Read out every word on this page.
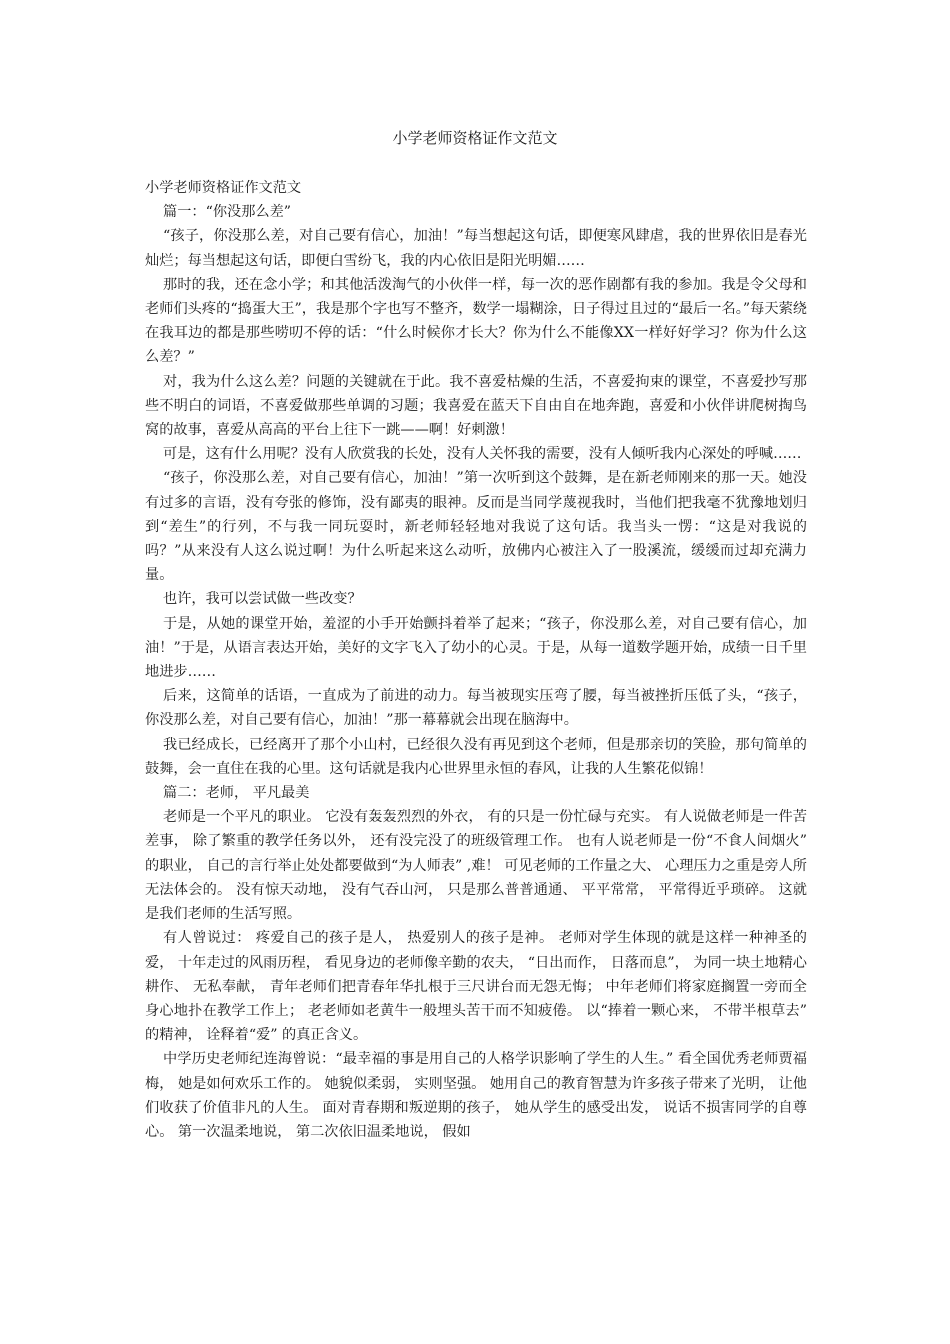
小学老师资格证作文范文

小学老师资格证作文范文

篇一：“你没那么差”

“孩子，你没那么差，对自己要有信心，加油！”每当想起这句话，即便寒风肆虐，我的世界依旧是春光灿烂；每当想起这句话，即便白雪纷飞，我的内心依旧是阳光明媚……

那时的我，还在念小学；和其他活泼淘气的小伙伴一样，每一次的恶作剧都有我的参加。我是令父母和老师们头疼的“捣蛋大王”，我是那个字也写不整齐，数学一塌糊涂，日子得过且过的“最后一名。”每天萦绕在我耳边的都是那些唠叨不停的话：“什么时候你才长大？你为什么不能像XX一样好好学习？你为什么这么差？”

对，我为什么这么差？问题的关键就在于此。我不喜爱枯燥的生活，不喜爱拘束的课堂，不喜爱抄写那些不明白的词语，不喜爱做那些单调的习题；我喜爱在蓝天下自由自在地奔跑，喜爱和小伙伴讲爬树掏鸟窝的故事，喜爱从高高的平台上往下一跳——啊！好刺激！

可是，这有什么用呢？没有人欣赏我的长处，没有人关怀我的需要，没有人倾听我内心深处的呼喊……

“孩子，你没那么差，对自己要有信心，加油！”第一次听到这个鼓舞，是在新老师刚来的那一天。她没有过多的言语，没有夸张的修饰，没有鄙夷的眼神。反而是当同学蔑视我时，当他们把我毫不犹豫地划归到“差生”的行列，不与我一同玩耍时，新老师轻轻地对我说了这句话。我当头一愣：“这是对我说的吗？”从来没有人这么说过啊！为什么听起来这么动听，放佛内心被注入了一股溪流，缓缓而过却充满力量。

也许，我可以尝试做一些改变？

于是，从她的课堂开始，羞涩的小手开始颤抖着举了起来；“孩子，你没那么差，对自己要有信心，加油！”于是，从语言表达开始，美好的文字飞入了幼小的心灵。于是，从每一道数学题开始，成绩一日千里地进步……

后来，这简单的话语，一直成为了前进的动力。每当被现实压弯了腰，每当被挫折压低了头，“孩子，你没那么差，对自己要有信心，加油！”那一幕幕就会出现在脑海中。

我已经成长，已经离开了那个小山村，已经很久没有再见到这个老师，但是那亲切的笑脸，那句简单的鼓舞，会一直住在我的心里。这句话就是我内心世界里永恒的春风，让我的人生繁花似锦！

篇二：老师， 平凡最美

老师是一个平凡的职业。 它没有轰轰烈烈的外衣， 有的只是一份忙碌与充实。 有人说做老师是一件苦差事， 除了繁重的教学任务以外， 还有没完没了的班级管理工作。 也有人说老师是一份“不食人间烟火” 的职业， 自己的言行举止处处都要做到“为人师表” ,难！ 可见老师的工作量之大、 心理压力之重是旁人所无法体会的。 没有惊天动地， 没有气吞山河， 只是那么普普通通、 平平常常， 平常得近乎琐碎。 这就是我们老师的生活写照。

有人曾说过： 疼爱自己的孩子是人， 热爱别人的孩子是神。 老师对学生体现的就是这样一种神圣的爱， 十年走过的风雨历程， 看见身边的老师像辛勤的农夫， “日出而作， 日落而息”， 为同一块土地精心耕作、 无私奉献， 青年老师们把青春年华扎根于三尺讲台而无怨无悔； 中年老师们将家庭搁置一旁而全身心地扑在教学工作上； 老老师如老黄牛一般埋头苦干而不知疲倦。 以“捧着一颗心来， 不带半根草去” 的精神， 诠释着“爱” 的真正含义。

中学历史老师纪连海曾说：“最幸福的事是用自己的人格学识影响了学生的人生。” 看全国优秀老师贾福梅， 她是如何欢乐工作的。 她貌似柔弱， 实则坚强。 她用自己的教育智慧为许多孩子带来了光明， 让他们收获了价值非凡的人生。 面对青春期和叛逆期的孩子， 她从学生的感受出发， 说话不损害同学的自尊心。 第一次温柔地说， 第二次依旧温柔地说， 假如
